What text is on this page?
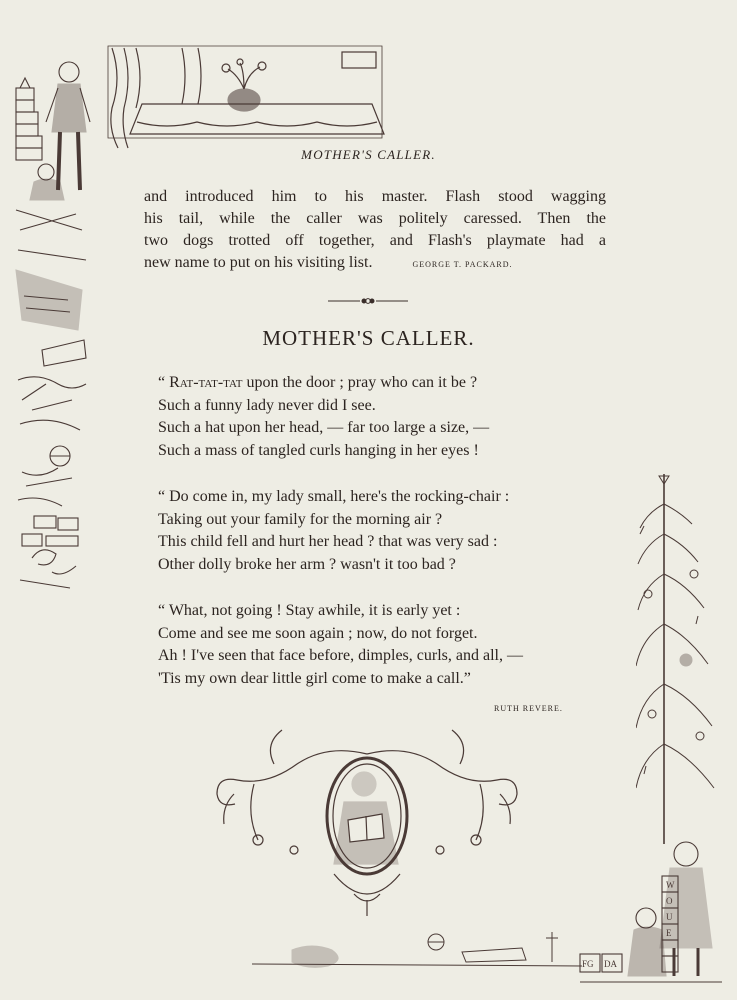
W
O
U
E
FG DA
MOTHER'S CALLER.
and introduced him to his master. Flash stood wagging
his tail, while the caller was politely caressed. Then the
two dogs trotted off together, and Flash's playmate had a
new name to put on his visiting list.	GEORGE T. PACKARD.
MOTHER'S CALLER.
“ Rat-tat-tat upon the door ; pray who can it be ?
Such a funny lady never did I see.
Such a hat upon her head, — far too large a size, —
Such a mass of tangled curls hanging in her eyes !
“ Do come in, my lady small, here's the rocking-chair :
Taking out your family for the morning air ?
This child fell and hurt her head ? that was very sad :
Other dolly broke her arm ? wasn't it too bad ?
“ What, not going ! Stay awhile, it is early yet :
Come and see me soon again ; now, do not forget.
Ah ! I've seen that face before, dimples, curls, and all, —
'Tis my own dear little girl come to make a call.”
RUTH REVERE.
